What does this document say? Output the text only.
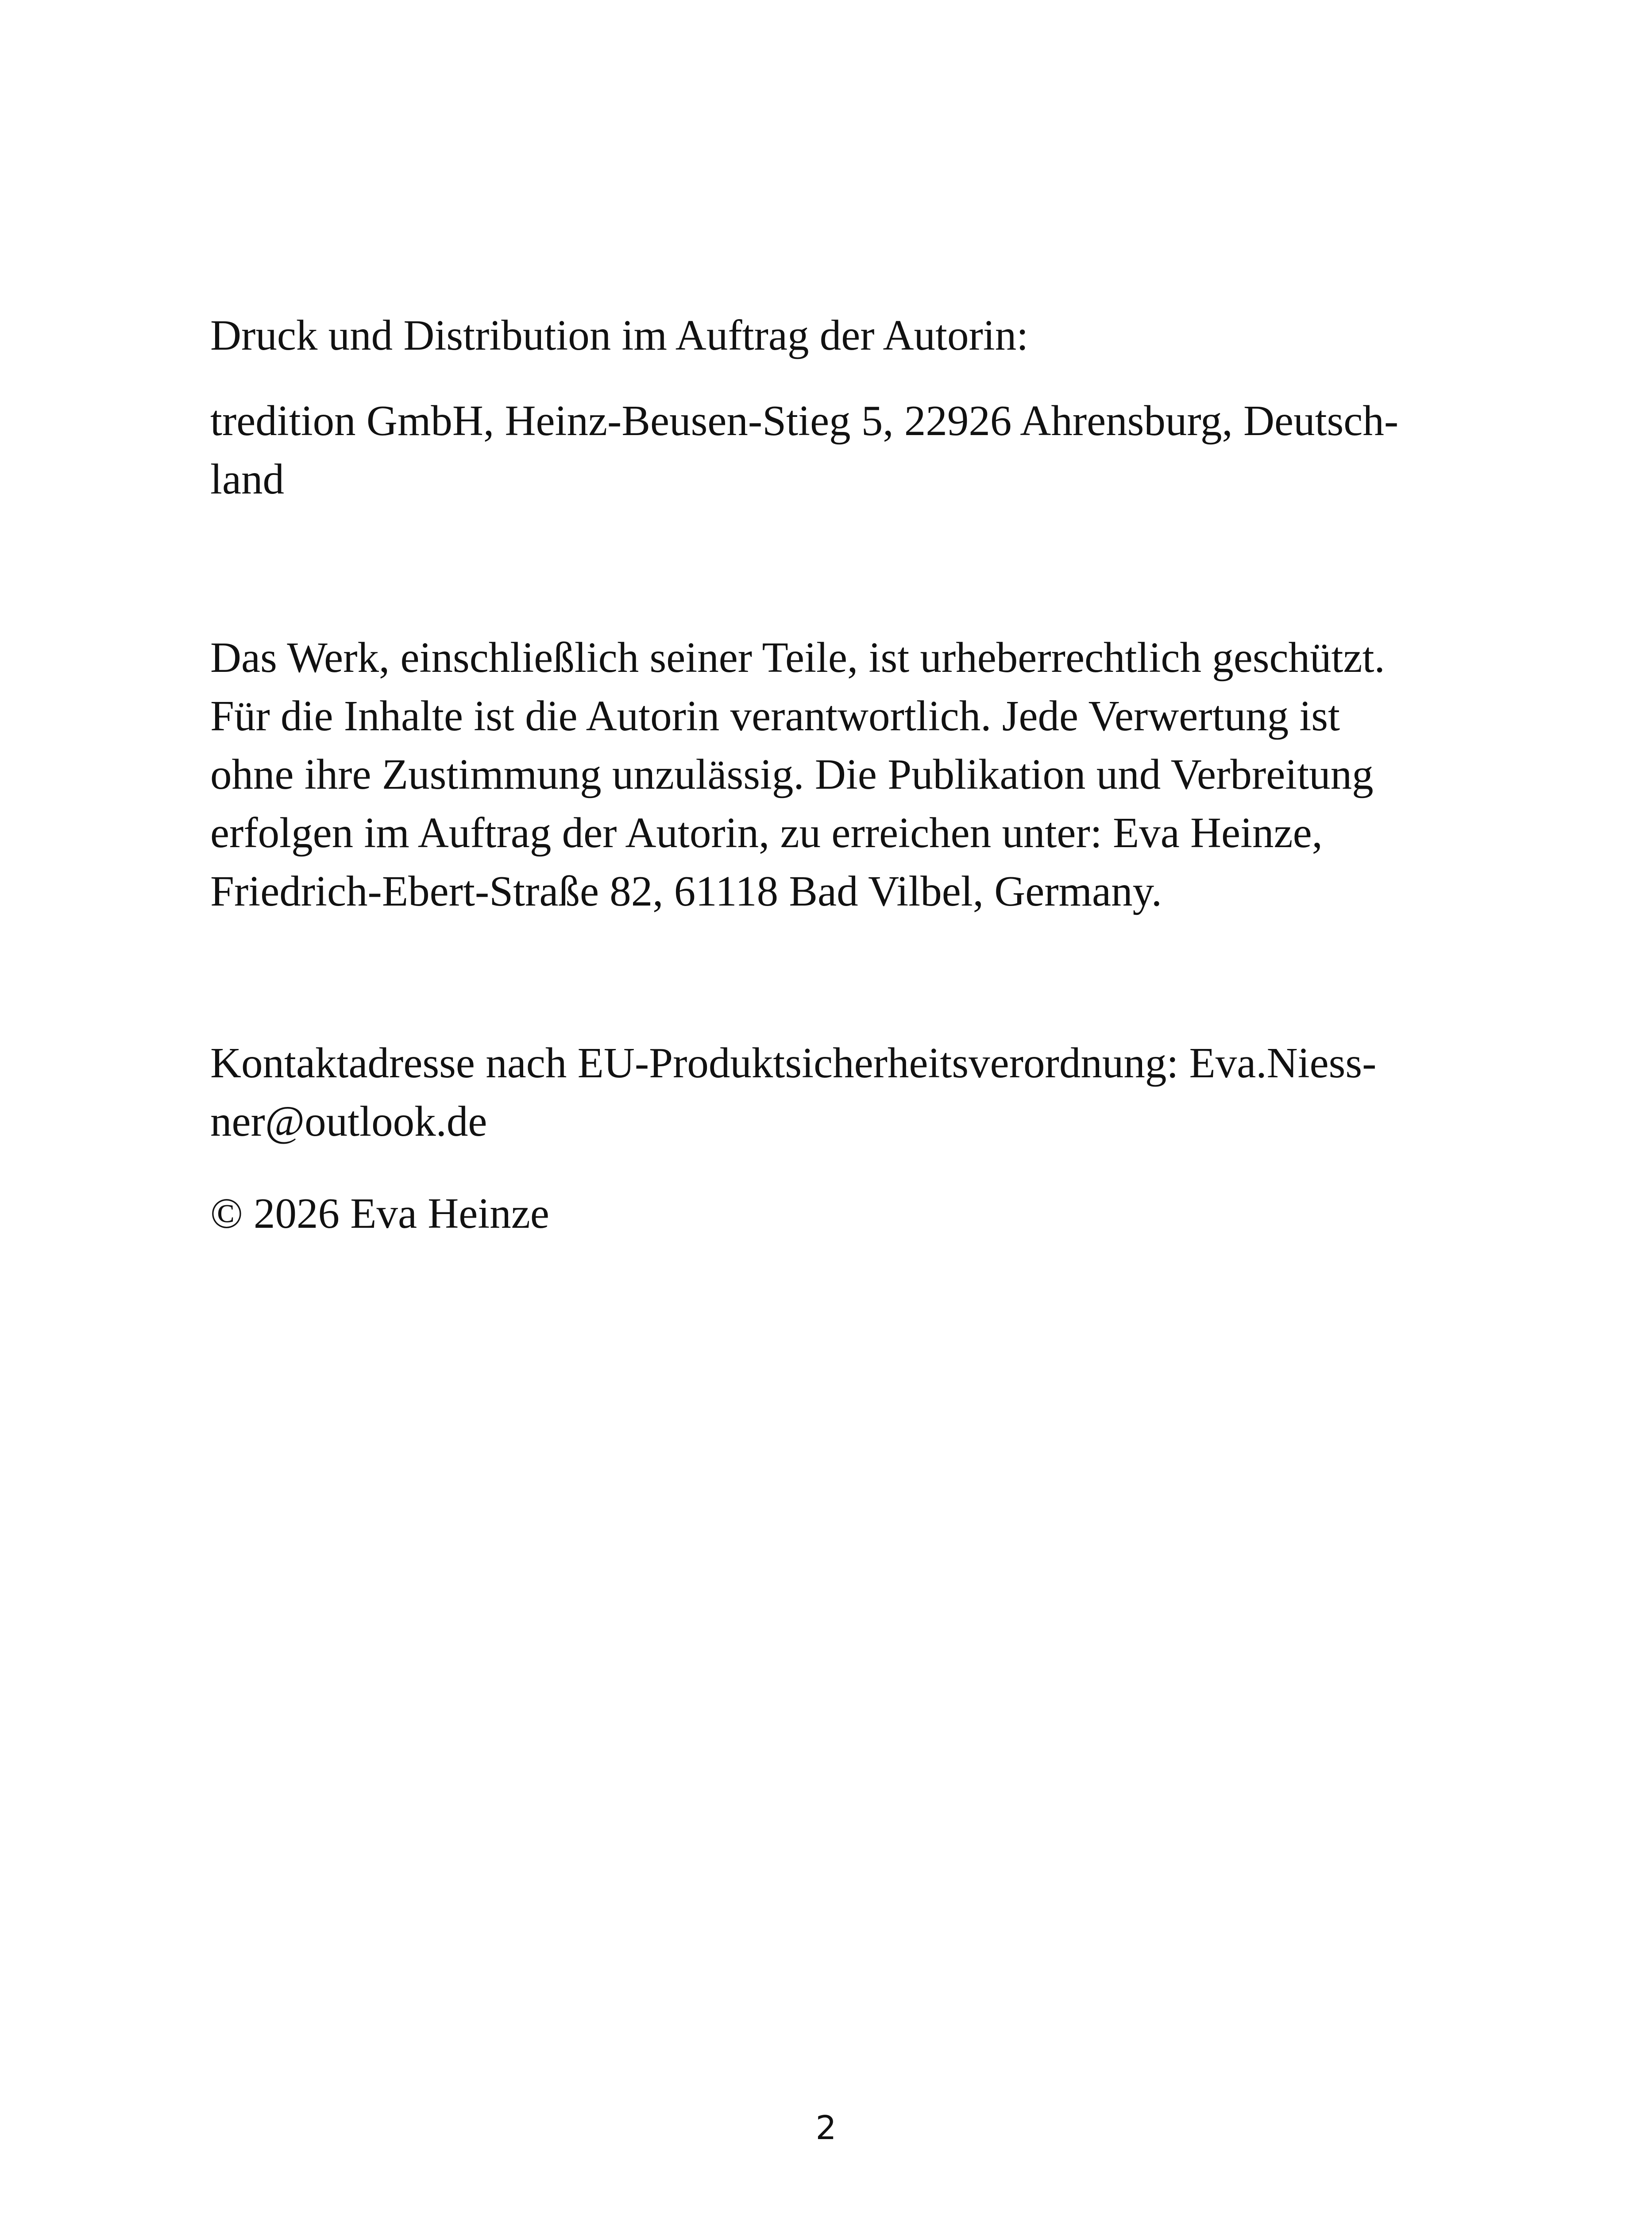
Druck und Distribution im Auftrag der Autorin:
tredition GmbH, Heinz-Beusen-Stieg 5, 22926 Ahrensburg, Deutsch-
land
Das Werk, einschließlich seiner Teile, ist urheberrechtlich geschützt.
Für die Inhalte ist die Autorin verantwortlich. Jede Verwertung ist
ohne ihre Zustimmung unzulässig. Die Publikation und Verbreitung
erfolgen im Auftrag der Autorin, zu erreichen unter: Eva Heinze,
Friedrich-Ebert-Straße 82, 61118 Bad Vilbel, Germany.
Kontaktadresse nach EU-Produktsicherheitsverordnung: Eva.Niess-
ner@outlook.de
© 2026 Eva Heinze
2
